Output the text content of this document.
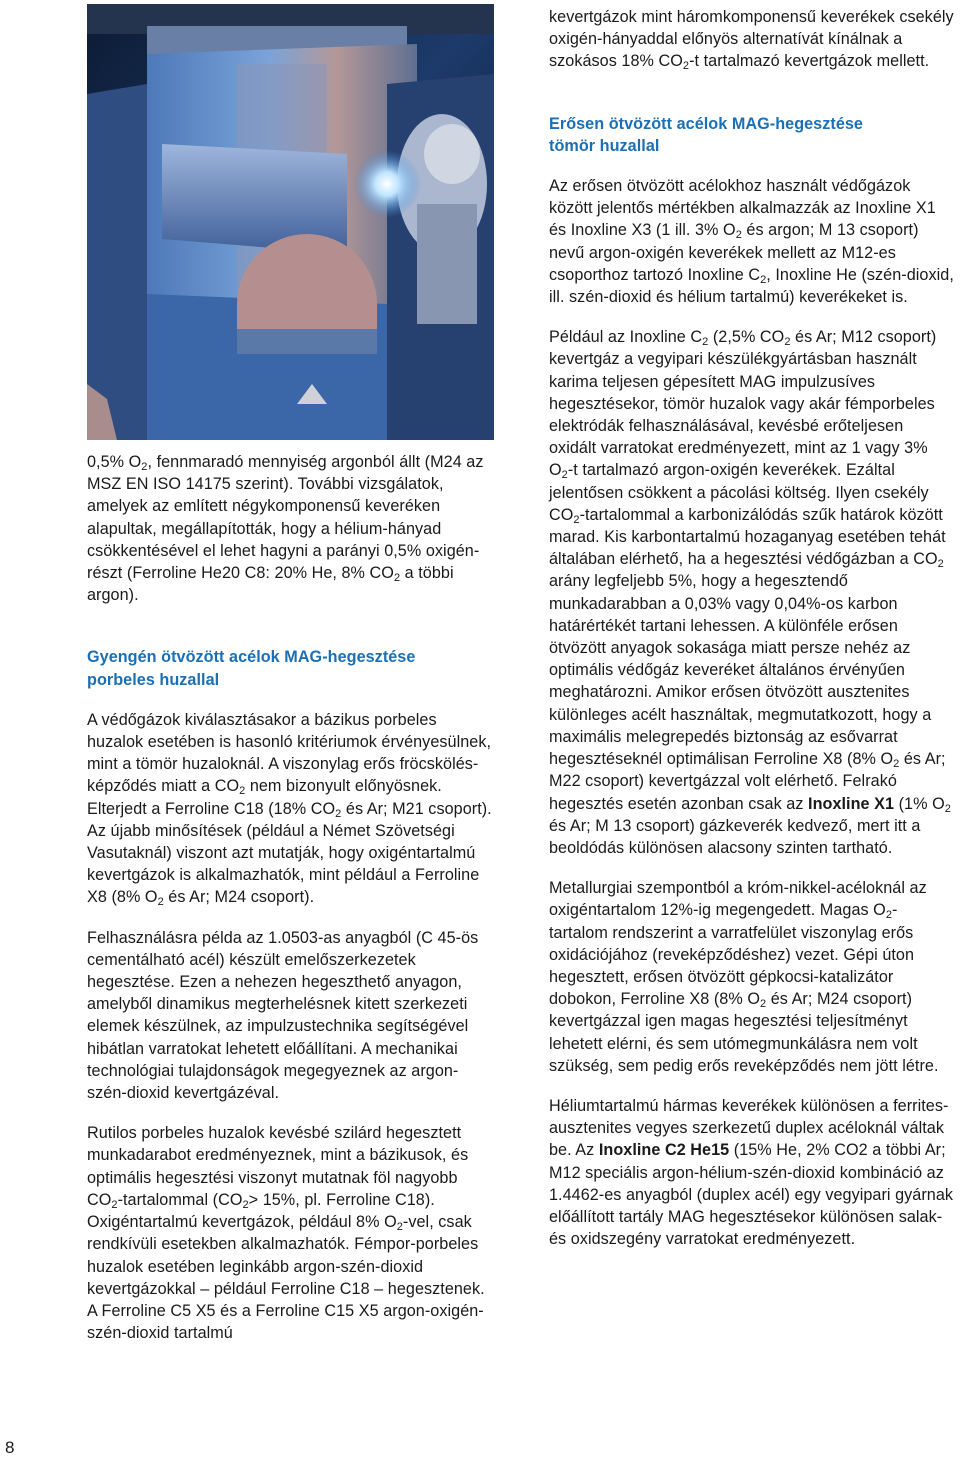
0,5% $O_2$, fennmaradó mennyiség argonból állt (M24 az MSZ EN ISO 14175 szerint). További vizsgálatok, amelyek az említett négykomponensű keveréken alapultak, megállapították, hogy a hélium-hányad csökkentésével el lehet hagyni a parányi 0,5% oxigén-részt (Ferroline He20 C8: 20% He, 8% $CO_2$ a többi argon).

Gyengén ötvözött acélok MAG-hegesztése
porbeles huzallal

A védőgázok kiválasztásakor a bázikus porbeles huzalok esetében is hasonló kritériumok érvényesülnek, mint a tömör huzaloknál. A viszonylag erős fröcskölés-képződés miatt a $CO_2$ nem bizonyult előnyösnek. Elterjedt a Ferroline C18 (18% $CO_2$ és Ar; M21 csoport). Az újabb minősítések (például a Német Szövetségi Vasutaknál) viszont azt mutatják, hogy oxigéntartalmú kevertgázok is alkalmazhatók, mint például a Ferroline X8 (8% $O_2$ és Ar; M24 csoport).

Felhasználásra példa az 1.0503-as anyagból (C 45-ös cementálható acél) készült emelőszerkezetek hegesztése. Ezen a nehezen hegeszthető anyagon, amelyből dinamikus megterhelésnek kitett szerkezeti elemek készülnek, az impulzustechnika segítségével hibátlan varratokat lehetett előállítani. A mechanikai technológiai tulajdonságok megegyeznek az argon-szén-dioxid kevertgázéval.

Rutilos porbeles huzalok kevésbé szilárd hegesztett munkadarabot eredményeznek, mint a bázikusok, és optimális hegesztési viszonyt mutatnak föl nagyobb $CO_2$-tartalommal ($CO_2> 15\%$, pl. Ferroline C18). Oxigéntartalmú kevertgázok, például 8% $O_2$-vel, csak rendkívüli esetekben alkalmazhatók. Fémpor-porbeles huzalok esetében leginkább argon-szén-dioxid kevertgázokkal – például Ferroline C18 – hegesztenek. A Ferroline C5 X5 és a Ferroline C15 X5 argon-oxigén-szén-dioxid tartalmú

kevertgázok mint háromkomponensű keverékek csekély oxigén-hányaddal előnyös alternatívát kínálnak a szokásos 18% $CO_2-t$ tartalmazó kevertgázok mellett.

Erősen ötvözött acélok MAG-hegesztése
tömör huzallal

Az erősen ötvözött acélokhoz használt védőgázok között jelentős mértékben alkalmazzák az Inoxline X1 és Inoxline X3 (1 ill. 3% $O_2$ és argon; M 13 csoport) nevű argon-oxigén keverékek mellett az M12-es csoporthoz tartozó Inoxline $C_2$, Inoxline He (szén-dioxid, ill. szén-dioxid és hélium tartalmú) keverékeket is.

Például az Inoxline $C_2$ (2,5% $CO_2$ és Ar; M12 csoport) kevertgáz a vegyipari készülékgyártásban használt karima teljesen gépesített MAG impulzusíves hegesztésekor, tömör huzalok vagy akár fémporbeles elektródák felhasználásával, kevésbé erőteljesen oxidált varratokat eredményezett, mint az 1 vagy 3% $O_2-t$ tartalmazó argon-oxigén keverékek. Ezáltal jelentősen csökkent a pácolási költség. Ilyen csekély $CO_2$-tartalommal a karbonizálódás szűk határok között marad. Kis karbontartalmú hozaganyag esetében tehát általában elérhető, ha a hegesztési védőgázban a $CO_2$ arány legfeljebb 5%, hogy a hegesztendő munkadarabban a 0,03% vagy 0,04%-os karbon határértékét tartani lehessen. A különféle erősen ötvözött anyagok sokasága miatt persze nehéz az optimális védőgáz keveréket általános érvényűen meghatározni. Amikor erősen ötvözött ausztenites különleges acélt használtak, megmutatkozott, hogy a maximális melegrepedés biztonság az esővarrat hegesztéseknél optimálisan Ferroline X8 (8% $O_2$ és Ar; M22 csoport) kevertgázzal volt elérhető. Felrakó hegesztés esetén azonban csak az Inoxline X1 (1% $O_2$ és Ar; M 13 csoport) gázkeverék kedvező, mert itt a beoldódás különösen alacsony szinten tartható.

Metallurgiai szempontból a króm-nikkel-acéloknál az oxigéntartalom 12%-ig megengedett. Magas $O_2$-tartalom rendszerint a varratfelület viszonylag erős oxidációjához (reveképződéshez) vezet. Gépi úton hegesztett, erősen ötvözött gépkocsi-katalizátor dobokon, Ferroline X8 (8% $O_2$ és Ar; M24 csoport) kevertgázzal igen magas hegesztési teljesítményt lehetett elérni, és sem utómegmunkálásra nem volt szükség, sem pedig erős reveképződés nem jött létre.

Héliumtartalmú hármas keverékek különösen a ferrites-ausztenites vegyes szerkezetű duplex acéloknál váltak be. Az Inoxline C2 He15 (15% He, 2% CO2 a többi Ar; M12 speciális argon-hélium-szén-dioxid kombináció az 1.4462-es anyagból (duplex acél) egy vegyipari gyárnak előállított tartály MAG hegesztésekor különösen salak- és oxidszegény varratokat eredményezett.

8
